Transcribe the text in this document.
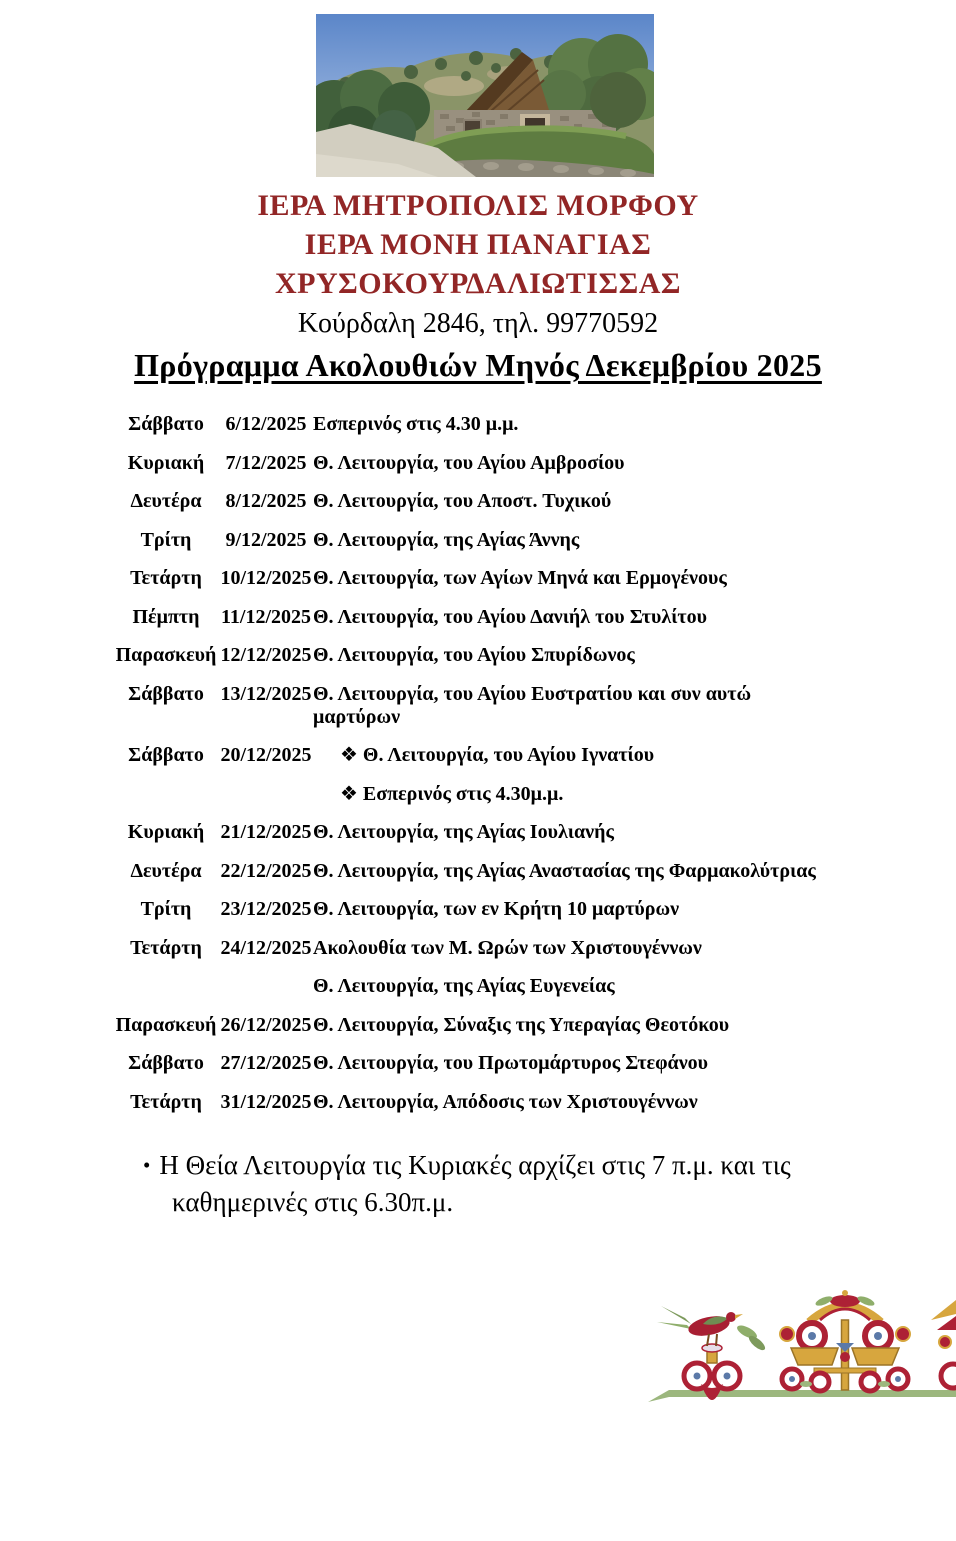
ΙΕΡΑ ΜΗΤΡΟΠΟΛΙΣ ΜΟΡΦΟΥ
ΙΕΡΑ ΜΟΝΗ ΠΑΝΑΓΙΑΣ
ΧΡΥΣΟΚΟΥΡΔΑΛΙΩΤΙΣΣΑΣ
Κούρδαλη 2846, τηλ. 99770592
Πρόγραμμα Ακολουθιών Μηνός Δεκεμβρίου 2025
Σάββατο	6/12/2025 Εσπερινός στις 4.30 μ.μ.
Κυριακή	7/12/2025 Θ. Λειτουργία, του Αγίου Αμβροσίου
Δευτέρα	8/12/2025 Θ. Λειτουργία, του Αποστ. Τυχικού
Τρίτη	9/12/2025 Θ. Λειτουργία, της Αγίας Άννης
Τετάρτη 10/12/2025 Θ. Λειτουργία, των Αγίων Μηνά και Ερμογένους
Πέμπτη	11/12/2025 Θ. Λειτουργία, του Αγίου Δανιήλ του Στυλίτου
Παρασκευή 12/12/2025 Θ. Λειτουργία, του Αγίου Σπυρίδωνος
Σάββατο 13/12/2025 Θ. Λειτουργία, του Αγίου Ευστρατίου και συν αυτώ
μαρτύρων
Σάββατο 20/12/2025	❖ Θ. Λειτουργία, του Αγίου Ιγνατίου
❖ Εσπερινός στις 4.30μ.μ.
Κυριακή 21/12/2025 Θ. Λειτουργία, της Αγίας Ιουλιανής
Δευτέρα 22/12/2025 Θ. Λειτουργία, της Αγίας Αναστασίας της Φαρμακολύτριας
Τρίτη	23/12/2025 Θ. Λειτουργία, των εν Κρήτη 10 μαρτύρων
Τετάρτη 24/12/2025 Ακολουθία των Μ. Ωρών των Χριστουγέννων
Θ. Λειτουργία, της Αγίας Ευγενείας
Παρασκευή 26/12/2025 Θ. Λειτουργία, Σύναξις της Υπεραγίας Θεοτόκου
Σάββατο 27/12/2025 Θ. Λειτουργία, του Πρωτομάρτυρος Στεφάνου
Τετάρτη 31/12/2025 Θ. Λειτουργία, Απόδοσις των Χριστουγέννων
• Η Θεία Λειτουργία τις Κυριακές αρχίζει στις 7 π.μ. και τις
καθημερινές στις 6.30π.μ.
